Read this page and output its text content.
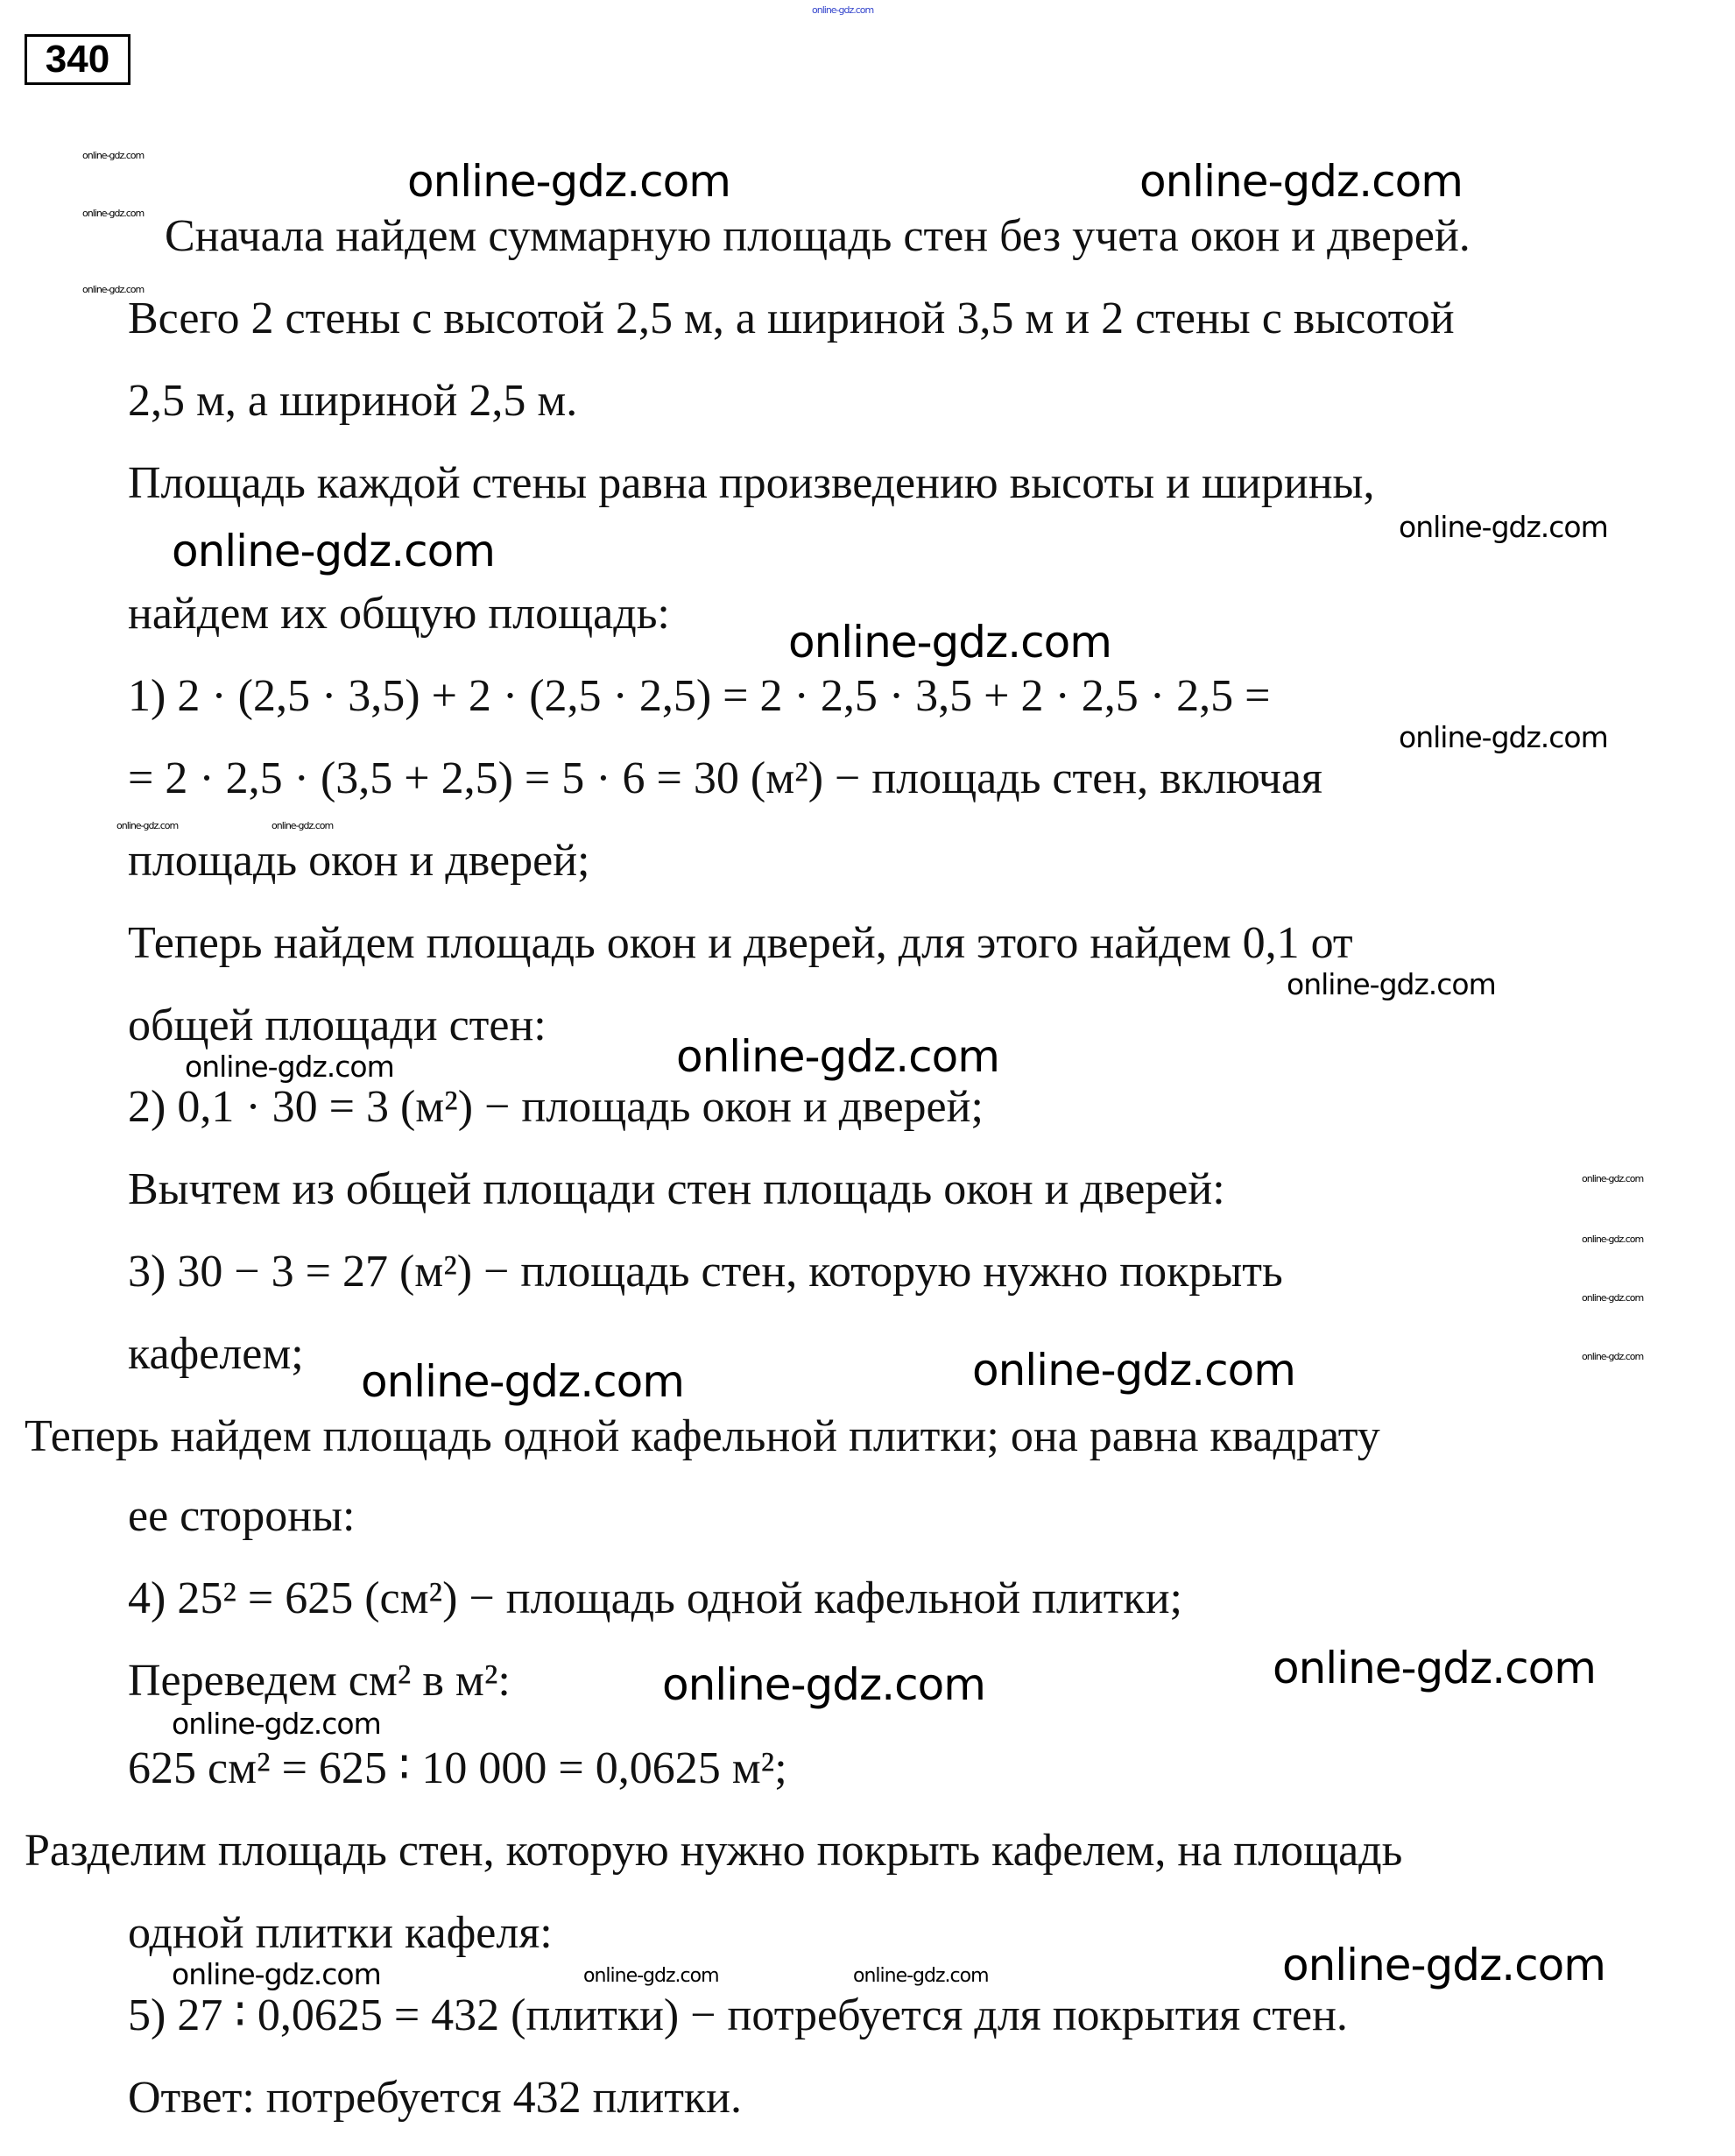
340
Сначала найдем суммарную площадь стен без учета окон и дверей.
Всего 2 стены с высотой 2,5 м, а шириной 3,5 м и 2 стены с высотой
2,5 м, а шириной 2,5 м.
Площадь каждой стены равна произведению высоты и ширины,
найдем их общую площадь:
1) 2 · (2,5 · 3,5) + 2 · (2,5 · 2,5) = 2 · 2,5 · 3,5 + 2 · 2,5 · 2,5 =
= 2 · 2,5 · (3,5 + 2,5) = 5 · 6 = 30 (м²) − площадь стен, включая
площадь окон и дверей;
Теперь найдем площадь окон и дверей, для этого найдем 0,1 от
общей площади стен:
2) 0,1 · 30 = 3 (м²) − площадь окон и дверей;
Вычтем из общей площади стен площадь окон и дверей:
3) 30 − 3 = 27 (м²) − площадь стен, которую нужно покрыть
кафелем;
Теперь найдем площадь одной кафельной плитки; она равна квадрату
ее стороны:
4) 25² = 625 (см²) − площадь одной кафельной плитки;
Переведем см² в м²:
625 см² = 625 ∶ 10 000 = 0,0625 м²;
Разделим площадь стен, которую нужно покрыть кафелем, на площадь
одной плитки кафеля:
5) 27 ∶ 0,0625 = 432 (плитки) − потребуется для покрытия стен.
Ответ: потребуется 432 плитки.
online-gdz.com
online-gdz.com	online-gdz.com
online-gdz.com
online-gdz.com
online-gdz.com
online-gdz.com	online-gdz.com
online-gdz.com	online-gdz.com
online-gdz.com
online-gdz.com
online-gdz.com
online-gdz.com
online-gdz.com
online-gdz.com
online-gdz.com	online-gdz.com	online-gdz.com
online-gdz.com
online-gdz.com
online-gdz.com
online-gdz.com	online-gdz.com
online-gdz.com
online-gdz.com
online-gdz.com
online-gdz.com
